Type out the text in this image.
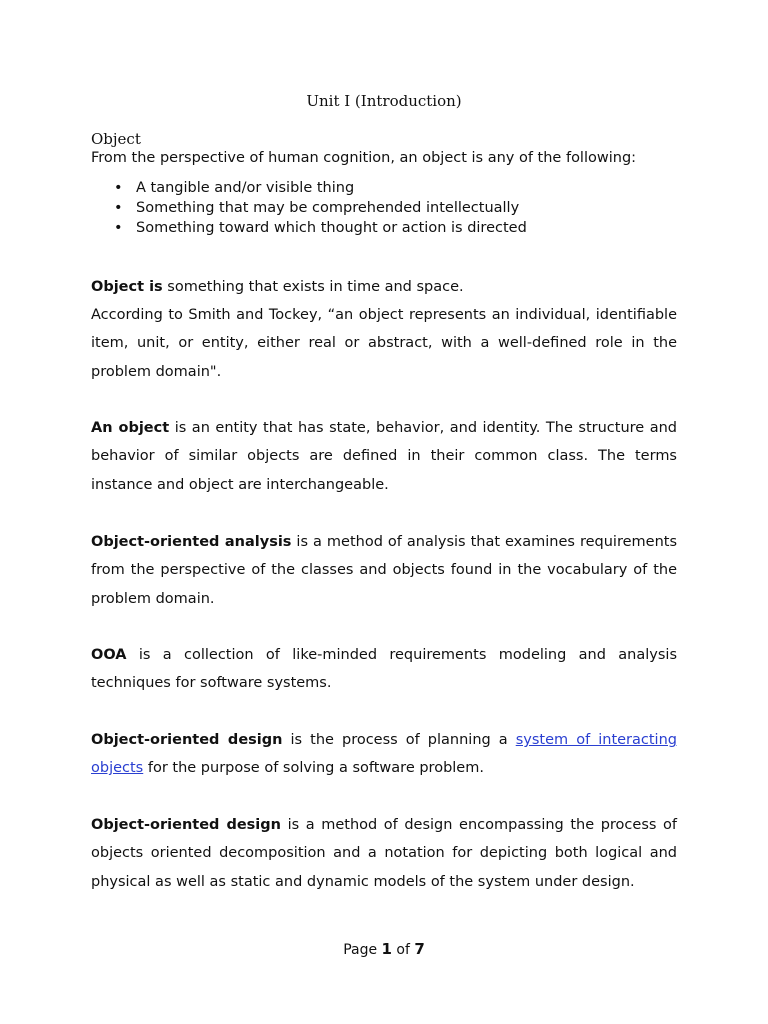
Unit I (Introduction)
Object
From the perspective of human cognition, an object is any of the following:
• A tangible and/or visible thing
• Something that may be comprehended intellectually
• Something toward which thought or action is directed

Object is something that exists in time and space.

According to Smith and Tockey, “an object represents an individual, identifiable item, unit, or entity, either real or abstract, with a well-defined role in the problem domain".

An object is an entity that has state, behavior, and identity. The structure and behavior of similar objects are defined in their common class. The terms instance and object are interchangeable.

Object-oriented analysis is a method of analysis that examines requirements from the perspective of the classes and objects found in the vocabulary of the problem domain.

OOA is a collection of like-minded requirements modeling and analysis techniques for software systems.

Object-oriented design is the process of planning a system of interacting objects for the purpose of solving a software problem.

Object-oriented design is a method of design encompassing the process of objects oriented decomposition and a notation for depicting both logical and physical as well as static and dynamic models of the system under design.

Page 1 of 7
